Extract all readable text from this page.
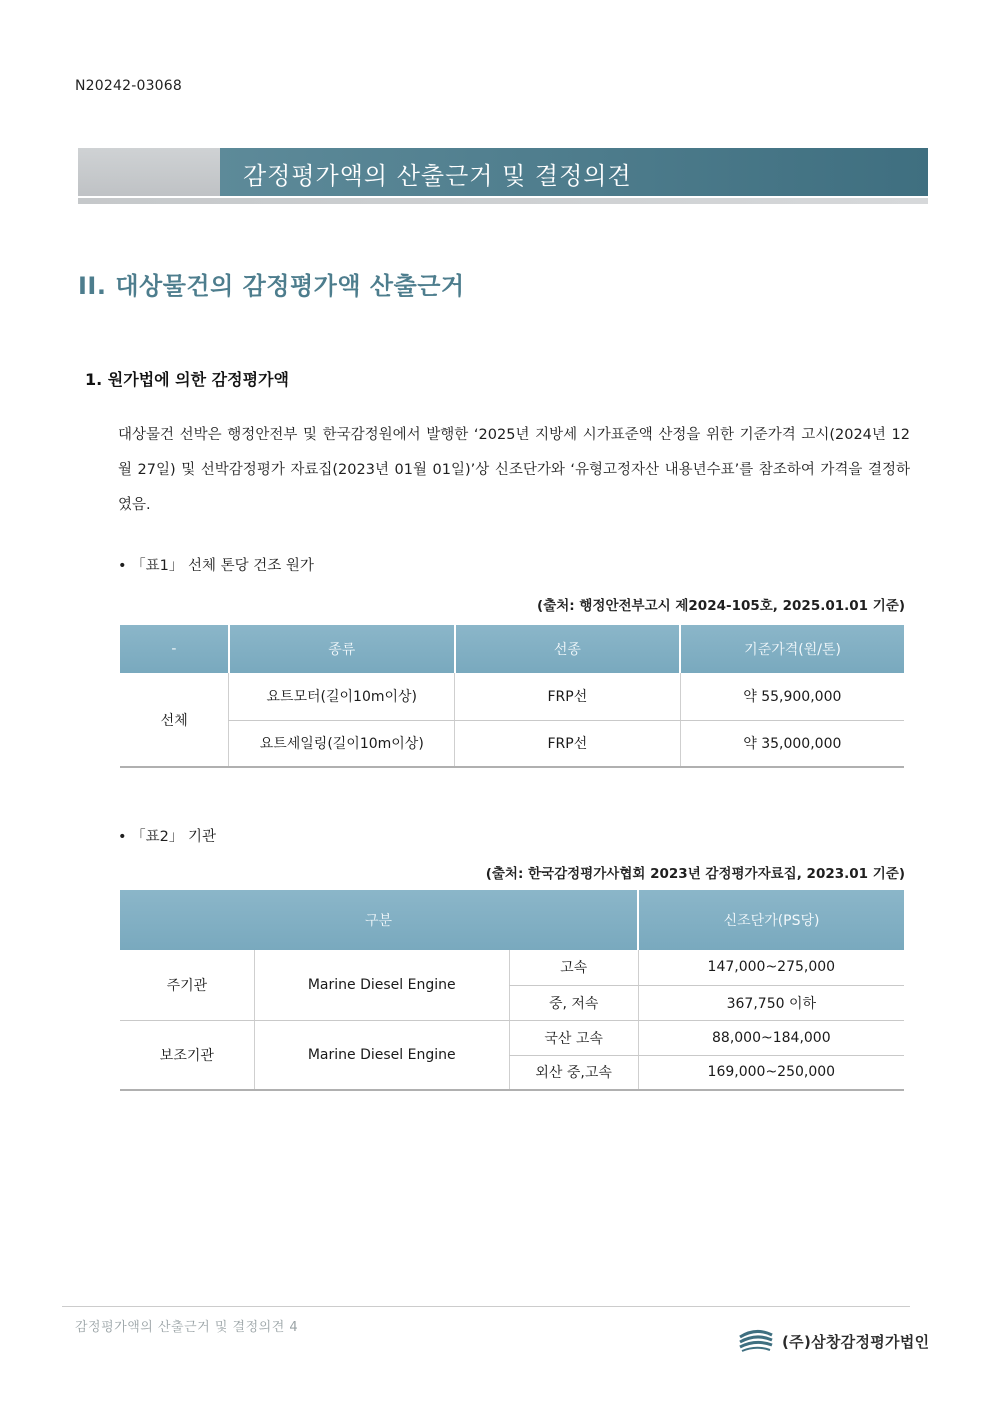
N20242-03068
감정평가액의 산출근거 및 결정의견
II. 대상물건의 감정평가액 산출근거
1. 원가법에 의한 감정평가액
대상물건 선박은 행정안전부 및 한국감정원에서 발행한 ‘2025년 지방세 시가표준액 산정을 위한 기준가격 고시(2024년 12월 27일) 및 선박감정평가 자료집(2023년 01월 01일)’상 신조단가와 ‘유형고정자산 내용년수표’를 참조하여 가격을 결정하였음.
• 「표1」 선체 톤당 건조 원가
(출처: 행정안전부고시 제2024-105호, 2025.01.01 기준)
-	종류	선종	기준가격(원/톤)
선체	요트모터(길이10m이상)	FRP선	약 55,900,000
	요트세일링(길이10m이상)	FRP선	약 35,000,000
• 「표2」 기관
(출처: 한국감정평가사협회 2023년 감정평가자료집, 2023.01 기준)
구분			신조단가(PS당)
주기관	Marine Diesel Engine	고속	147,000~275,000
		중, 저속	367,750 이하
보조기관	Marine Diesel Engine	국산 고속	88,000~184,000
		외산 중,고속	169,000~250,000
감정평가액의 산출근거 및 결정의견 4
(주)삼창감정평가법인
